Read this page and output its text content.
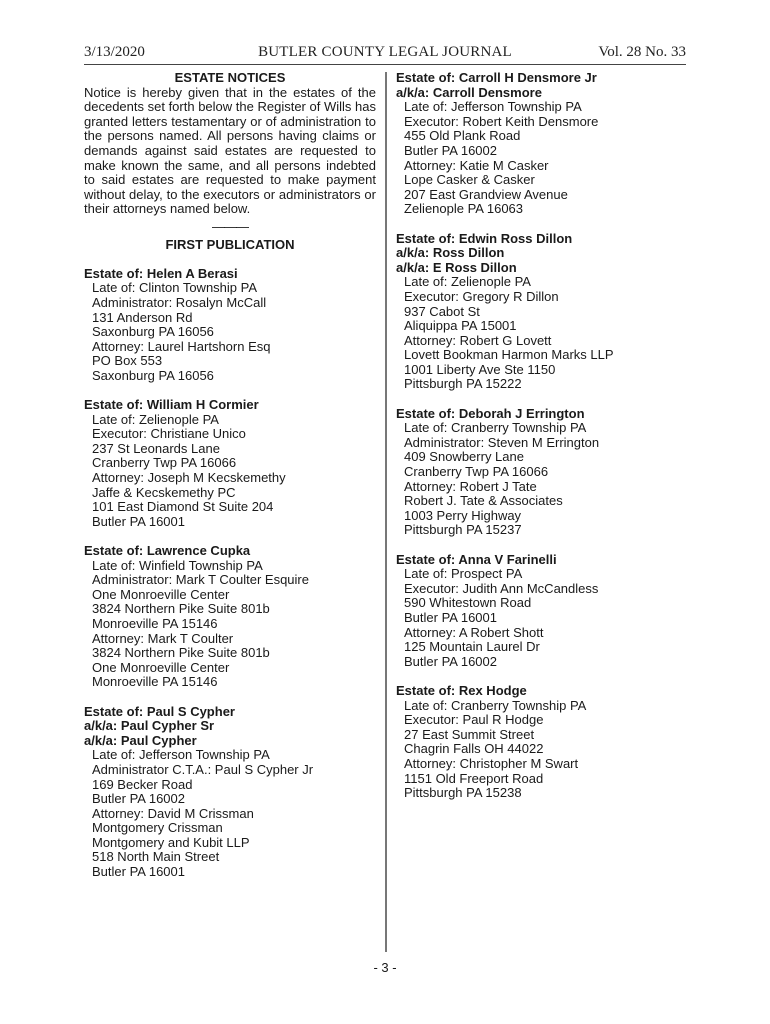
3/13/2020	BUTLER COUNTY LEGAL JOURNAL	Vol. 28 No. 33
ESTATE NOTICES
Notice is hereby given that in the estates of the decedents set forth below the Register of Wills has granted letters testamentary or of administration to the persons named. All persons having claims or demands against said estates are requested to make known the same, and all persons indebted to said estates are requested to make payment without delay, to the executors or administrators or their attorneys named below.
———
FIRST PUBLICATION
Estate of: Helen A Berasi
Late of: Clinton Township PA
Administrator: Rosalyn McCall
131 Anderson Rd
Saxonburg PA 16056
Attorney: Laurel Hartshorn Esq
PO Box 553
Saxonburg PA 16056
Estate of: William H Cormier
Late of: Zelienople PA
Executor: Christiane Unico
237 St Leonards Lane
Cranberry Twp PA 16066
Attorney: Joseph M Kecskemethy
Jaffe & Kecskemethy PC
101 East Diamond St Suite 204
Butler PA 16001
Estate of: Lawrence Cupka
Late of: Winfield Township PA
Administrator: Mark T Coulter Esquire
One Monroeville Center
3824 Northern Pike Suite 801b
Monroeville PA 15146
Attorney: Mark T Coulter
3824 Northern Pike Suite 801b
One Monroeville Center
Monroeville PA 15146
Estate of: Paul S Cypher
a/k/a: Paul Cypher Sr
a/k/a: Paul Cypher
Late of: Jefferson Township PA
Administrator C.T.A.: Paul S Cypher Jr
169 Becker Road
Butler PA 16002
Attorney: David M Crissman
Montgomery Crissman
Montgomery and Kubit LLP
518 North Main Street
Butler PA 16001
Estate of: Carroll H Densmore Jr
a/k/a: Carroll Densmore
Late of: Jefferson Township PA
Executor: Robert Keith Densmore
455 Old Plank Road
Butler PA 16002
Attorney: Katie M Casker
Lope Casker & Casker
207 East Grandview Avenue
Zelienople PA 16063
Estate of: Edwin Ross Dillon
a/k/a: Ross Dillon
a/k/a: E Ross Dillon
Late of: Zelienople PA
Executor: Gregory R Dillon
937 Cabot St
Aliquippa PA 15001
Attorney: Robert G Lovett
Lovett Bookman Harmon Marks LLP
1001 Liberty Ave Ste 1150
Pittsburgh PA 15222
Estate of: Deborah J Errington
Late of: Cranberry Township PA
Administrator: Steven M Errington
409 Snowberry Lane
Cranberry Twp PA 16066
Attorney: Robert J Tate
Robert J. Tate & Associates
1003 Perry Highway
Pittsburgh PA 15237
Estate of: Anna V Farinelli
Late of: Prospect PA
Executor: Judith Ann McCandless
590 Whitestown Road
Butler PA 16001
Attorney: A Robert Shott
125 Mountain Laurel Dr
Butler PA 16002
Estate of: Rex Hodge
Late of: Cranberry Township PA
Executor: Paul R Hodge
27 East Summit Street
Chagrin Falls OH 44022
Attorney: Christopher M Swart
1151 Old Freeport Road
Pittsburgh PA 15238
- 3 -
